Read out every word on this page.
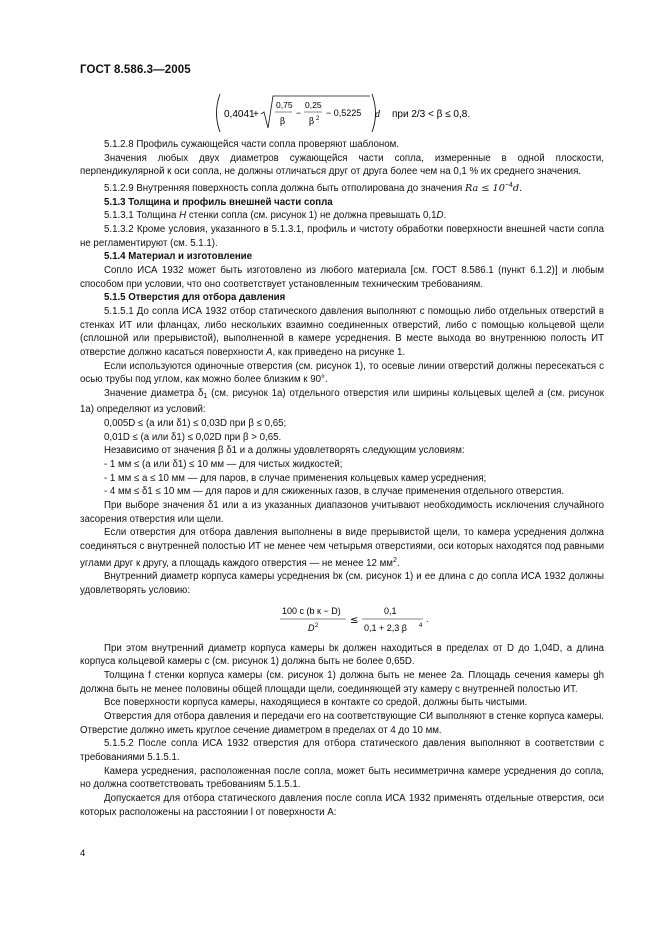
ГОСТ 8.586.3—2005
0,4041
+
0,75
β
−
0,25
β 2
− 0,5225 d при 2/3 < β ≤ 0,8.

5.1.2.8 Профиль сужающейся части сопла проверяют шаблоном.

Значения любых двух диаметров сужающейся части сопла, измеренные в одной плоскости, перпендикулярной к оси сопла, не должны отличаться друг от друга более чем на 0,1 % их среднего значения.

5.1.2.9 Внутренняя поверхность сопла должна быть отполирована до значения $Ra \le 10^{-4}d$.

5.1.3 Толщина и профиль внешней части сопла

5.1.3.1 Толщина H стенки сопла (см. рисунок 1) не должна превышать 0,1D.

5.1.3.2 Кроме условия, указанного в 5.1.3.1, профиль и чистоту обработки поверхности внешней части сопла не регламентируют (см. 5.1.1).

5.1.4 Материал и изготовление

Сопло ИСА 1932 может быть изготовлено из любого материала [см. ГОСТ 8.586.1 (пункт 6.1.2)] и любым способом при условии, что оно соответствует установленным техническим требованиям.

5.1.5 Отверстия для отбора давления

5.1.5.1 До сопла ИСА 1932 отбор статического давления выполняют с помощью либо отдельных отверстий в стенках ИТ или фланцах, либо нескольких взаимно соединенных отверстий, либо с помощью кольцевой щели (сплошной или прерывистой), выполненной в камере усреднения. В месте выхода во внутреннюю полость ИТ отверстие должно касаться поверхности A, как приведено на рисунке 1.

Если используются одиночные отверстия (см. рисунок 1), то осевые линии отверстий должны пересекаться с осью трубы под углом, как можно более близким к 90°.

Значение диаметра $\delta_1$ (см. рисунок 1а) отдельного отверстия или ширины кольцевых щелей a (см. рисунок 1а) определяют из условий:

0,005D ≤ (a или δ1) ≤ 0,03D при β ≤ 0,65;

0,01D ≤ (a или δ1) ≤ 0,02D при β > 0,65.

Независимо от значения β δ1 и a должны удовлетворять следующим условиям:

- 1 мм ≤ (a или δ1) ≤ 10 мм — для чистых жидкостей;

- 1 мм ≤ a ≤ 10 мм — для паров, в случае применения кольцевых камер усреднения;

- 4 мм ≤ δ1 ≤ 10 мм — для паров и для сжиженных газов, в случае применения отдельного отверстия.

При выборе значения δ1 или a из указанных диапазонов учитывают необходимость исключения случайного засорения отверстия или щели.

Если отверстия для отбора давления выполнены в виде прерывистой щели, то камера усреднения должна соединяться с внутренней полостью ИТ не менее чем четырьмя отверстиями, оси которых находятся под равными углами друг к другу, а площадь каждого отверстия — не менее 12 $мм^2$.

Внутренний диаметр корпуса камеры усреднения bк (см. рисунок 1) и ее длина c до сопла ИСА 1932 должны удовлетворять условию:

100 c (b к − D)
D 2	≤
0,1
0,1 + 2,3 β 4
.

При этом внутренний диаметр корпуса камеры bк должен находиться в пределах от D до 1,04D, а длина корпуса кольцевой камеры c (см. рисунок 1) должна быть не более 0,65D.

Толщина f стенки корпуса камеры (см. рисунок 1) должна быть не менее 2a. Площадь сечения камеры gh должна быть не менее половины общей площади щели, соединяющей эту камеру с внутренней полостью ИТ.

Все поверхности корпуса камеры, находящиеся в контакте со средой, должны быть чистыми.

Отверстия для отбора давления и передачи его на соответствующие СИ выполняют в стенке корпуса камеры. Отверстие должно иметь круглое сечение диаметром в пределах от 4 до 10 мм.

5.1.5.2 После сопла ИСА 1932 отверстия для отбора статического давления выполняют в соответствии с требованиями 5.1.5.1.

Камера усреднения, расположенная после сопла, может быть несимметрична камере усреднения до сопла, но должна соответствовать требованиям 5.1.5.1.

Допускается для отбора статического давления после сопла ИСА 1932 применять отдельные отверстия, оси которых расположены на расстоянии l от поверхности A:

4
